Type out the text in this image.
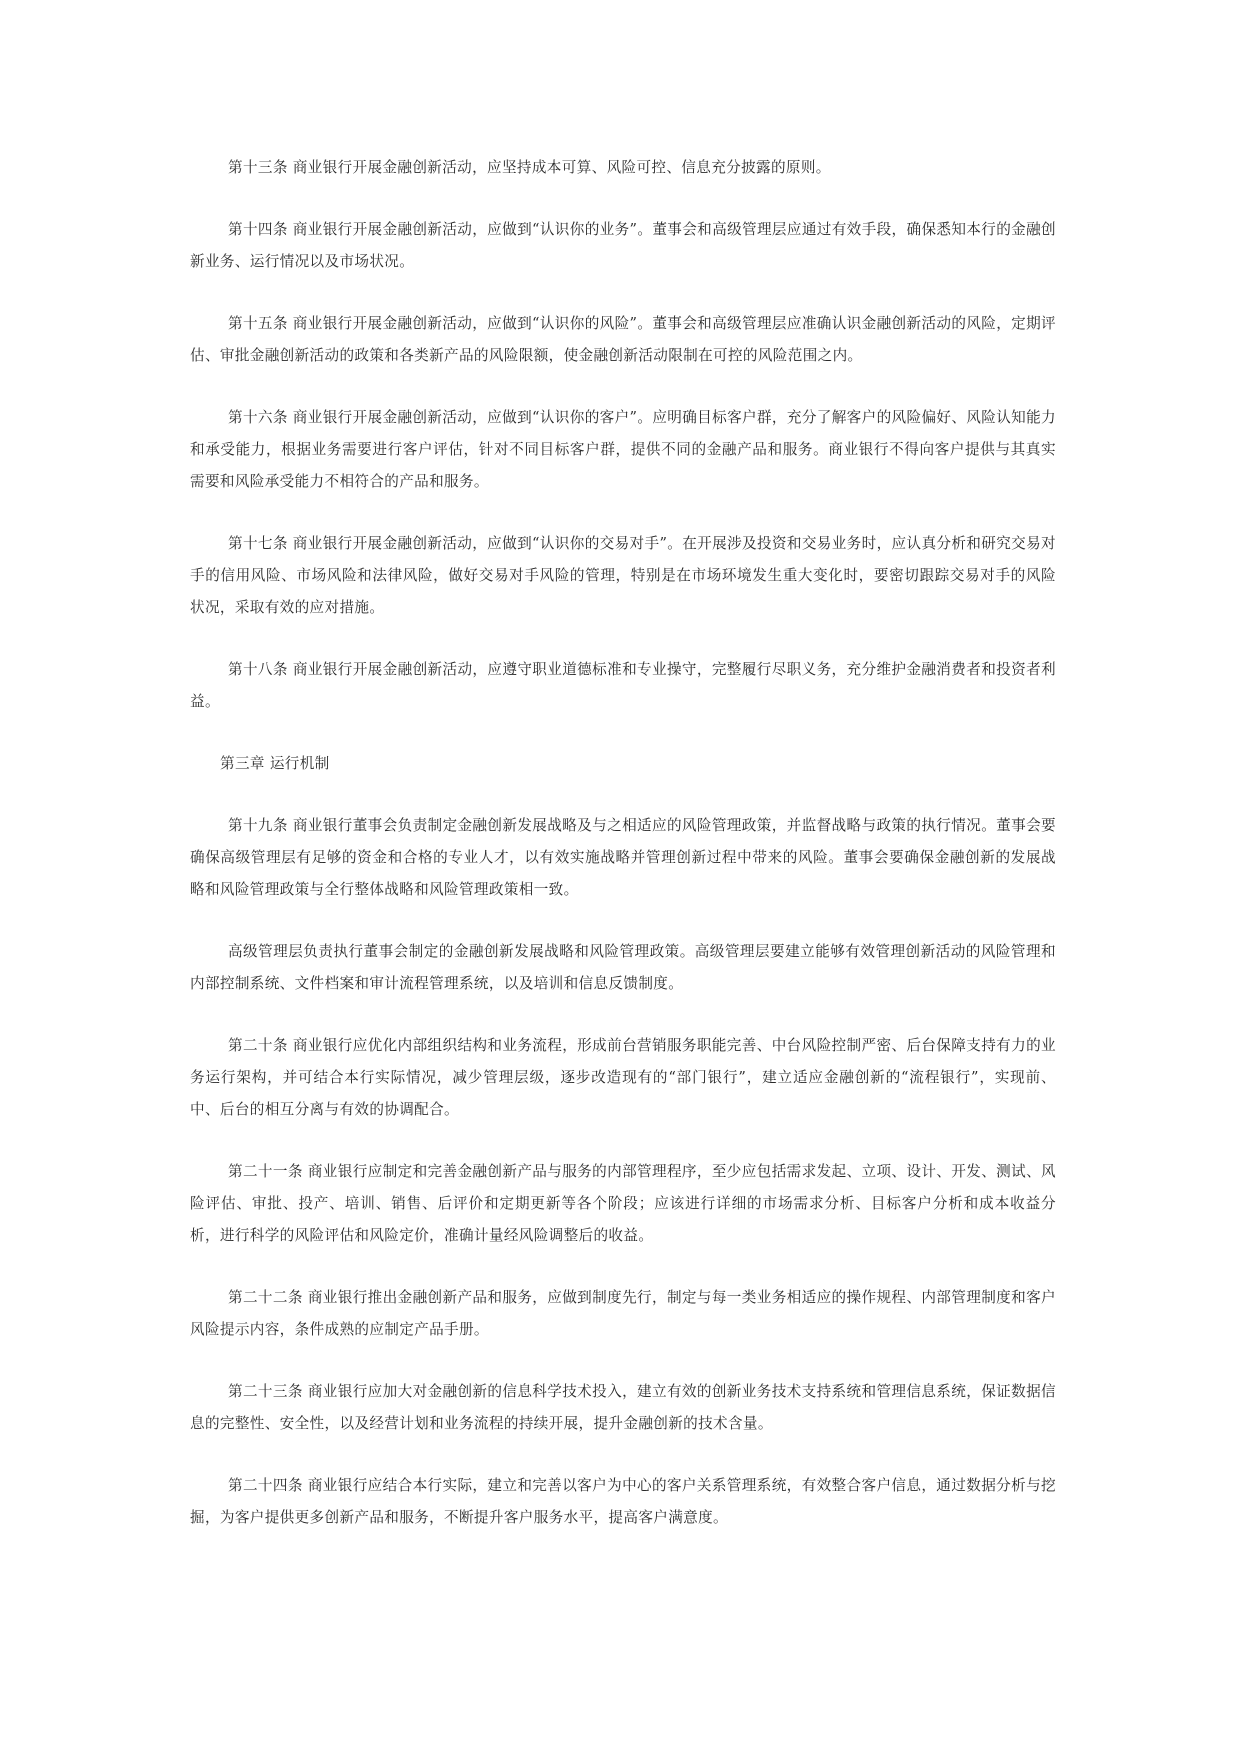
第十三条 商业银行开展金融创新活动，应坚持成本可算、风险可控、信息充分披露的原则。

第十四条 商业银行开展金融创新活动，应做到“认识你的业务”。董事会和高级管理层应通过有效手段，确保悉知本行的金融创新业务、运行情况以及市场状况。

第十五条 商业银行开展金融创新活动，应做到“认识你的风险”。董事会和高级管理层应准确认识金融创新活动的风险，定期评估、审批金融创新活动的政策和各类新产品的风险限额，使金融创新活动限制在可控的风险范围之内。

第十六条 商业银行开展金融创新活动，应做到“认识你的客户”。应明确目标客户群，充分了解客户的风险偏好、风险认知能力和承受能力，根据业务需要进行客户评估，针对不同目标客户群，提供不同的金融产品和服务。商业银行不得向客户提供与其真实需要和风险承受能力不相符合的产品和服务。

第十七条 商业银行开展金融创新活动，应做到“认识你的交易对手”。在开展涉及投资和交易业务时，应认真分析和研究交易对手的信用风险、市场风险和法律风险，做好交易对手风险的管理，特别是在市场环境发生重大变化时，要密切跟踪交易对手的风险状况，采取有效的应对措施。

第十八条 商业银行开展金融创新活动，应遵守职业道德标准和专业操守，完整履行尽职义务，充分维护金融消费者和投资者利益。

第三章 运行机制

第十九条 商业银行董事会负责制定金融创新发展战略及与之相适应的风险管理政策，并监督战略与政策的执行情况。董事会要确保高级管理层有足够的资金和合格的专业人才，以有效实施战略并管理创新过程中带来的风险。董事会要确保金融创新的发展战略和风险管理政策与全行整体战略和风险管理政策相一致。

高级管理层负责执行董事会制定的金融创新发展战略和风险管理政策。高级管理层要建立能够有效管理创新活动的风险管理和内部控制系统、文件档案和审计流程管理系统，以及培训和信息反馈制度。

第二十条 商业银行应优化内部组织结构和业务流程，形成前台营销服务职能完善、中台风险控制严密、后台保障支持有力的业务运行架构，并可结合本行实际情况，减少管理层级，逐步改造现有的“部门银行”，建立适应金融创新的“流程银行”，实现前、中、后台的相互分离与有效的协调配合。

第二十一条 商业银行应制定和完善金融创新产品与服务的内部管理程序，至少应包括需求发起、立项、设计、开发、测试、风险评估、审批、投产、培训、销售、后评价和定期更新等各个阶段；应该进行详细的市场需求分析、目标客户分析和成本收益分析，进行科学的风险评估和风险定价，准确计量经风险调整后的收益。

第二十二条 商业银行推出金融创新产品和服务，应做到制度先行，制定与每一类业务相适应的操作规程、内部管理制度和客户风险提示内容，条件成熟的应制定产品手册。

第二十三条 商业银行应加大对金融创新的信息科学技术投入，建立有效的创新业务技术支持系统和管理信息系统，保证数据信息的完整性、安全性，以及经营计划和业务流程的持续开展，提升金融创新的技术含量。

第二十四条 商业银行应结合本行实际，建立和完善以客户为中心的客户关系管理系统，有效整合客户信息，通过数据分析与挖掘，为客户提供更多创新产品和服务，不断提升客户服务水平，提高客户满意度。
